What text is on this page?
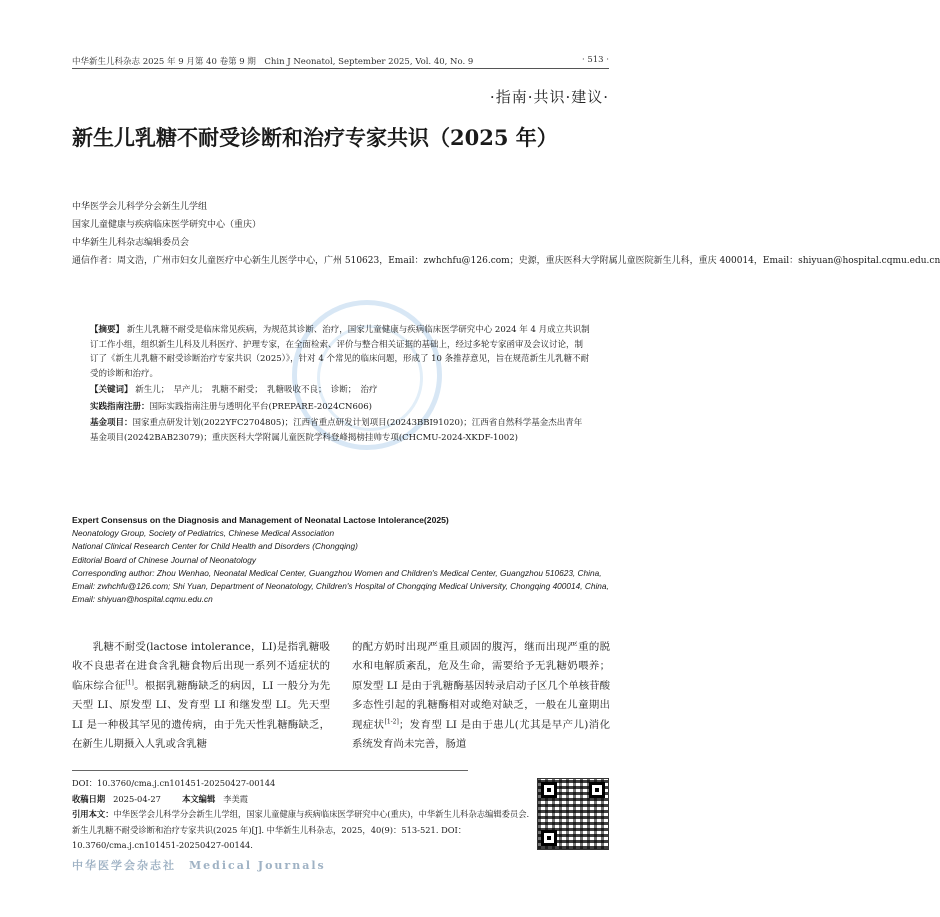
中华新生儿科杂志 2025 年 9 月第 40 卷第 9 期　Chin J Neonatol, September 2025, Vol. 40, No. 9	· 513 ·
·指南·共识·建议·
新生儿乳糖不耐受诊断和治疗专家共识（2025 年）
中华医学会儿科学分会新生儿学组
国家儿童健康与疾病临床医学研究中心（重庆）
中华新生儿科杂志编辑委员会
通信作者：周文浩，广州市妇女儿童医疗中心新生儿医学中心，广州 510623，Email：zwhchfu@126.com；史源，重庆医科大学附属儿童医院新生儿科，重庆 400014，Email：shiyuan@hospital.cqmu.edu.cn

【摘要】 新生儿乳糖不耐受是临床常见疾病，为规范其诊断、治疗，国家儿童健康与疾病临床医学研究中心 2024 年 4 月成立共识制订工作小组，组织新生儿科及儿科医疗、护理专家，在全面检索、评价与整合相关证据的基础上，经过多轮专家函审及会议讨论，制订了《新生儿乳糖不耐受诊断治疗专家共识（2025）》，针对 4 个常见的临床问题，形成了 10 条推荐意见，旨在规范新生儿乳糖不耐受的诊断和治疗。

【关键词】 新生儿；　早产儿；　乳糖不耐受；　乳糖吸收不良；　诊断；　治疗

实践指南注册：国际实践指南注册与透明化平台(PREPARE-2024CN606)

基金项目：国家重点研发计划(2022YFC2704805)；江西省重点研发计划项目(20243BBI91020)；江西省自然科学基金杰出青年基金项目(20242BAB23079)；重庆医科大学附属儿童医院学科登峰揭榜挂帅专项(CHCMU-2024-XKDF-1002)

Expert Consensus on the Diagnosis and Management of Neonatal Lactose Intolerance(2025)
Neonatology Group, Society of Pediatrics, Chinese Medical Association
National Clinical Research Center for Child Health and Disorders (Chongqing)
Editorial Board of Chinese Journal of Neonatology
Corresponding author: Zhou Wenhao, Neonatal Medical Center, Guangzhou Women and Children's Medical Center, Guangzhou 510623, China, Email: zwhchfu@126.com; Shi Yuan, Department of Neonatology, Children's Hospital of Chongqing Medical University, Chongqing 400014, China, Email: shiyuan@hospital.cqmu.edu.cn

乳糖不耐受(lactose intolerance，LI)是指乳糖吸收不良患者在进食含乳糖食物后出现一系列不适症状的临床综合征[1]。根据乳糖酶缺乏的病因，LI 一般分为先天型 LI、原发型 LI、发育型 LI 和继发型 LI。先天型 LI 是一种极其罕见的遗传病，由于先天性乳糖酶缺乏，在新生儿期摄入人乳或含乳糖

的配方奶时出现严重且顽固的腹泻，继而出现严重的脱水和电解质紊乱，危及生命，需要给予无乳糖奶喂养；原发型 LI 是由于乳糖酶基因转录启动子区几个单核苷酸多态性引起的乳糖酶相对或绝对缺乏，一般在儿童期出现症状[1-2]；发育型 LI 是由于患儿(尤其是早产儿)消化系统发育尚未完善，肠道

DOI：10.3760/cma.j.cn101451-20250427-00144
收稿日期 2025-04-27	本文编辑 李美霞
引用本文：中华医学会儿科学分会新生儿学组，国家儿童健康与疾病临床医学研究中心(重庆)，中华新生儿科杂志编辑委员会. 新生儿乳糖不耐受诊断和治疗专家共识(2025 年)[J]. 中华新生儿科杂志，2025，40(9)：513-521. DOI：10.3760/cma.j.cn101451-20250427-00144.
中华医学会杂志社　Medical Journals
